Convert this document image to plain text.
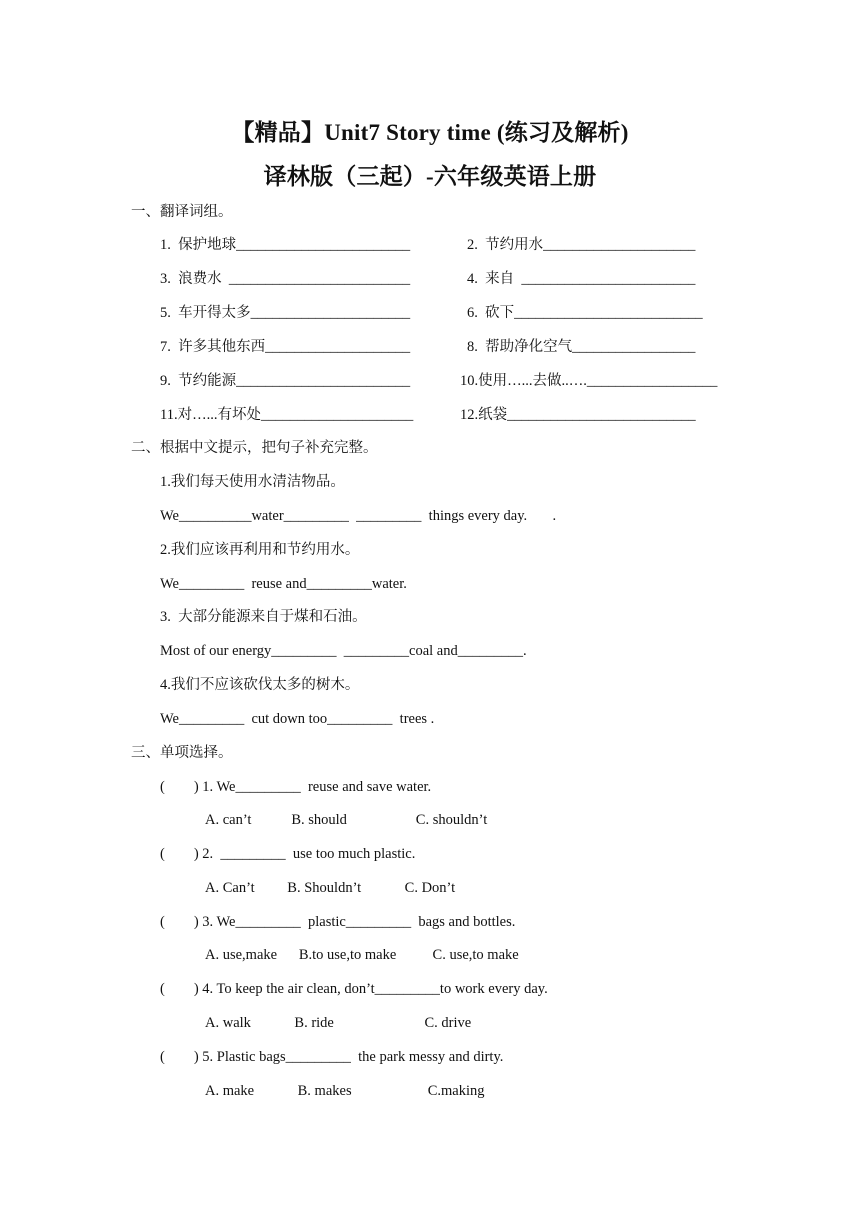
【精品】Unit7 Story time (练习及解析)
译林版（三起）-六年级英语上册
一、翻译词组。
1.  保护地球________________________	2.  节约用水_____________________
3.  浪费水  _________________________	4.  来自  ________________________
5.  车开得太多______________________	6.  砍下__________________________
7.  许多其他东西____________________	8.  帮助净化空气_________________
9.  节约能源________________________	10.使用…...去做..….__________________
11.对…...有坏处_____________________	12.纸袋__________________________
二、根据中文提示，把句子补充完整。
1.我们每天使用水清洁物品。
We__________water_________  _________  things every day.       .
2.我们应该再利用和节约用水。
We_________  reuse and_________water.
3.  大部分能源来自于煤和石油。
Most of our energy_________  _________coal and_________.
4.我们不应该砍伐太多的树木。
We_________  cut down too_________  trees .
三、单项选择。
(        ) 1. We_________  reuse and save water.
A. can’t           B. should                   C. shouldn’t
(        ) 2.  _________  use too much plastic.
A. Can’t         B. Shouldn’t            C. Don’t
(        ) 3. We_________  plastic_________  bags and bottles.
A. use,make      B.to use,to make          C. use,to make
(        ) 4. To keep the air clean, don’t_________to work every day.
A. walk            B. ride                         C. drive
(        ) 5. Plastic bags_________  the park messy and dirty.
A. make            B. makes                     C.making
